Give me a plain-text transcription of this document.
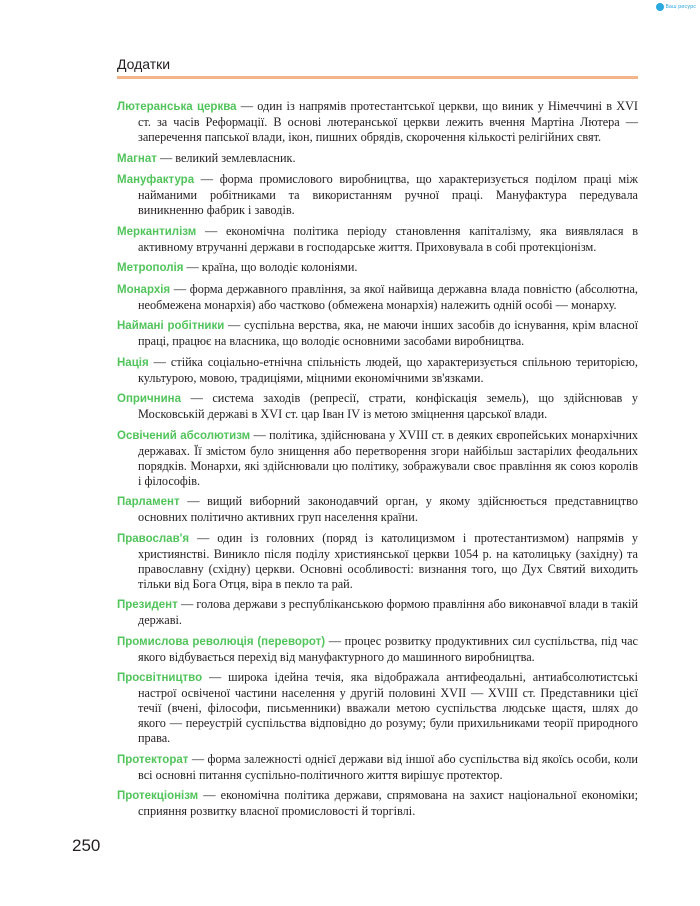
Ваш ресурс
Додатки

Лютеранська церква — один із напрямів протестантської церкви, що виник у Німеччині в XVI ст. за часів Реформації. В основі лютеранської церкви лежить вчення Мартіна Лютера — заперечення папської влади, ікон, пишних обрядів, скорочення кількості релігійних свят.

Магнат — великий землевласник.

Мануфактура — форма промислового виробництва, що характеризується поділом праці між найманими робітниками та використанням ручної праці. Мануфактура передувала виникненню фабрик і заводів.

Меркантилізм — економічна політика періоду становлення капіталізму, яка виявлялася в активному втручанні держави в господарське життя. Приховувала в собі протекціонізм.

Метрополія — країна, що володіє колоніями.

Монархія — форма державного правління, за якої найвища державна влада повністю (абсолютна, необмежена монархія) або частково (обмежена монархія) належить одній особі — монарху.

Наймані робітники — суспільна верства, яка, не маючи інших засобів до існування, крім власної праці, працює на власника, що володіє основними засобами виробництва.

Нація — стійка соціально-етнічна спільність людей, що характеризується спільною територією, культурою, мовою, традиціями, міцними економічними зв'язками.

Опричнина — система заходів (репресії, страти, конфіскація земель), що здійснював у Московській державі в XVI ст. цар Іван IV із метою зміцнення царської влади.

Освічений абсолютизм — політика, здійснювана у XVIII ст. в деяких європейських монархічних державах. Її змістом було знищення або перетворення згори найбільш застарілих феодальних порядків. Монархи, які здійснювали цю політику, зображували своє правління як союз королів і філософів.

Парламент — вищий виборний законодавчий орган, у якому здійснюється представництво основних політично активних груп населення країни.

Православ'я — один із головних (поряд із католицизмом і протестантизмом) напрямів у християнстві. Виникло після поділу християнської церкви 1054 р. на католицьку (західну) та православну (східну) церкви. Основні особливості: визнання того, що Дух Святий виходить тільки від Бога Отця, віра в пекло та рай.

Президент — голова держави з республіканською формою правління або виконавчої влади в такій державі.

Промислова революція (переворот) — процес розвитку продуктивних сил суспільства, під час якого відбувається перехід від мануфактурного до машинного виробництва.

Просвітництво — широка ідейна течія, яка відображала антифеодальні, антиабсолютистські настрої освіченої частини населення у другій половині XVII — XVIII ст. Представники цієї течії (вчені, філософи, письменники) вважали метою суспільства людське щастя, шлях до якого — переустрій суспільства відповідно до розуму; були прихильниками теорії природного права.

Протекторат — форма залежності однієї держави від іншої або суспільства від якоїсь особи, коли всі основні питання суспільно-політичного життя вирішує протектор.

Протекціонізм — економічна політика держави, спрямована на захист національної економіки; сприяння розвитку власної промисловості й торгівлі.

250
